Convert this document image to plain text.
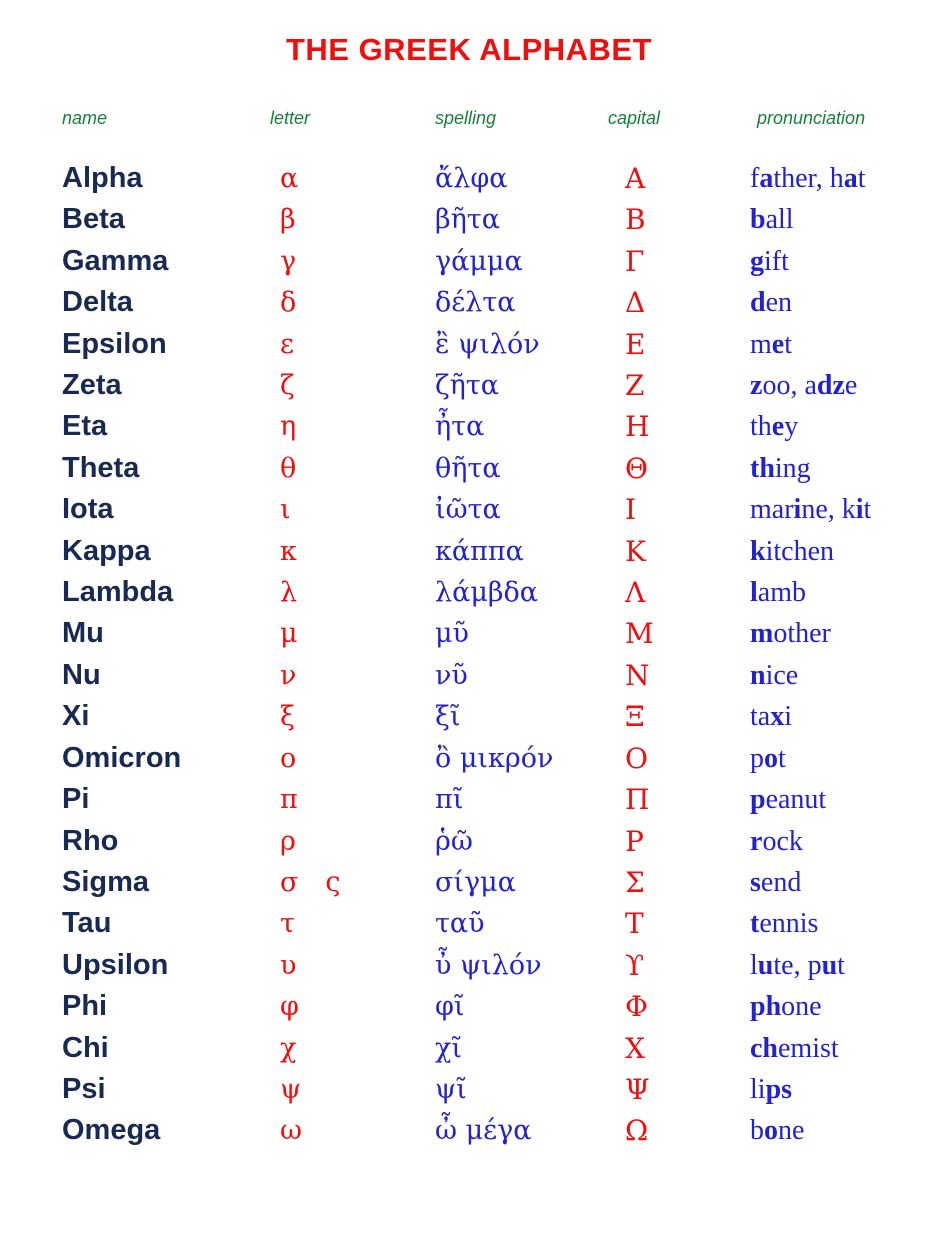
THE GREEK ALPHABET
name	letter	spelling	capital	pronunciation
Alpha	α	ἄλφα	Α	father, hat
Beta	β	βῆτα	Β	ball
Gamma	γ	γάμμα	Γ	gift
Delta	δ	δέλτα	Δ	den
Epsilon	ε	ἒ ψιλόν	Ε	met
Zeta	ζ	ζῆτα	Ζ	zoo, adze
Eta	η	ἦτα	Η	they
Theta	θ	θῆτα	Θ	thing
Iota	ι	ἰῶτα	Ι	marine, kit
Kappa	κ	κάππα	Κ	kitchen
Lambda	λ	λάμβδα	Λ	lamb
Mu	μ	μῦ	Μ	mother
Nu	ν	νῦ	Ν	nice
Xi	ξ	ξῖ	Ξ	taxi
Omicron	ο	ὂ μικρόν	Ο	pot
Pi	π	πῖ	Π	peanut
Rho	ρ	ῥῶ	Ρ	rock
Sigma	σ ς	σίγμα	Σ	send
Tau	τ	ταῦ	Τ	tennis
Upsilon	υ	ὖ ψιλόν	ϒ	lute, put
Phi	φ	φῖ	Φ	phone
Chi	χ	χῖ	Χ	chemist
Psi	ψ	ψῖ	Ψ	lips
Omega	ω	ὦ μέγα	Ω	bone
